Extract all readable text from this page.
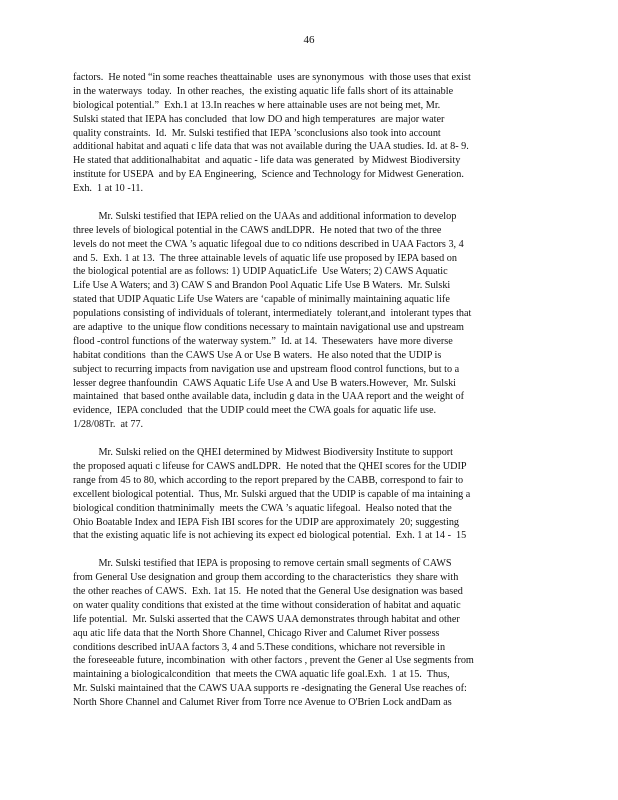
46
factors.  He noted “in some reaches theattainable  uses are synonymous  with those uses that exist
in the waterways  today.  In other reaches,  the existing aquatic life falls short of its attainable
biological potential.”  Exh.1 at 13.In reaches w here attainable uses are not being met, Mr.
Sulski stated that IEPA has concluded  that low DO and high temperatures  are major water
quality constraints.  Id.  Mr. Sulski testified that IEPA ’sconclusions also took into account
additional habitat and aquati c life data that was not available during the UAA studies. Id. at 8- 9.
He stated that additionalhabitat  and aquatic - life data was generated  by Midwest Biodiversity
institute for USEPA  and by EA Engineering,  Science and Technology for Midwest Generation.
Exh.  1 at 10 -11.
Mr. Sulski testified that IEPA relied on the UAAs and additional information to develop
three levels of biological potential in the CAWS andLDPR.  He noted that two of the three
levels do not meet the CWA ’s aquatic lifegoal due to co nditions described in UAA Factors 3, 4
and 5.  Exh. 1 at 13.  The three attainable levels of aquatic life use proposed by IEPA based on
the biological potential are as follows: 1) UDIP AquaticLife  Use Waters; 2) CAWS Aquatic
Life Use A Waters; and 3) CAW S and Brandon Pool Aquatic Life Use B Waters.  Mr. Sulski
stated that UDIP Aquatic Life Use Waters are ‘capable of minimally maintaining aquatic life
populations consisting of individuals of tolerant, intermediately  tolerant,and  intolerant types that
are adaptive  to the unique flow conditions necessary to maintain navigational use and upstream
flood -control functions of the waterway system.”  Id. at 14.  Thesewaters  have more diverse
habitat conditions  than the CAWS Use A or Use B waters.  He also noted that the UDIP is
subject to recurring impacts from navigation use and upstream flood control functions, but to a
lesser degree thanfoundin  CAWS Aquatic Life Use A and Use B waters.However,  Mr. Sulski
maintained  that based onthe available data, includin g data in the UAA report and the weight of
evidence,  IEPA concluded  that the UDIP could meet the CWA goals for aquatic life use.
1/28/08Tr.  at 77.
Mr. Sulski relied on the QHEI determined by Midwest Biodiversity Institute to support
the proposed aquati c lifeuse for CAWS andLDPR.  He noted that the QHEI scores for the UDIP
range from 45 to 80, which according to the report prepared by the CABB, correspond to fair to
excellent biological potential.  Thus, Mr. Sulski argued that the UDIP is capable of ma intaining a
biological condition thatminimally  meets the CWA ’s aquatic lifegoal.  Healso noted that the
Ohio Boatable Index and IEPA Fish IBI scores for the UDIP are approximately  20; suggesting
that the existing aquatic life is not achieving its expect ed biological potential.  Exh. 1 at 14 -  15
Mr. Sulski testified that IEPA is proposing to remove certain small segments of CAWS
from General Use designation and group them according to the characteristics  they share with
the other reaches of CAWS.  Exh. 1at 15.  He noted that the General Use designation was based
on water quality conditions that existed at the time without consideration of habitat and aquatic
life potential.  Mr. Sulski asserted that the CAWS UAA demonstrates through habitat and other
aqu atic life data that the North Shore Channel, Chicago River and Calumet River possess
conditions described inUAA factors 3, 4 and 5.These conditions, whichare not reversible in
the foreseeable future, incombination  with other factors , prevent the Gener al Use segments from
maintaining a biologicalcondition  that meets the CWA aquatic life goal.Exh.  1 at 15.  Thus,
Mr. Sulski maintained that the CAWS UAA supports re -designating the General Use reaches of:
North Shore Channel and Calumet River from Torre nce Avenue to O'Brien Lock andDam as
